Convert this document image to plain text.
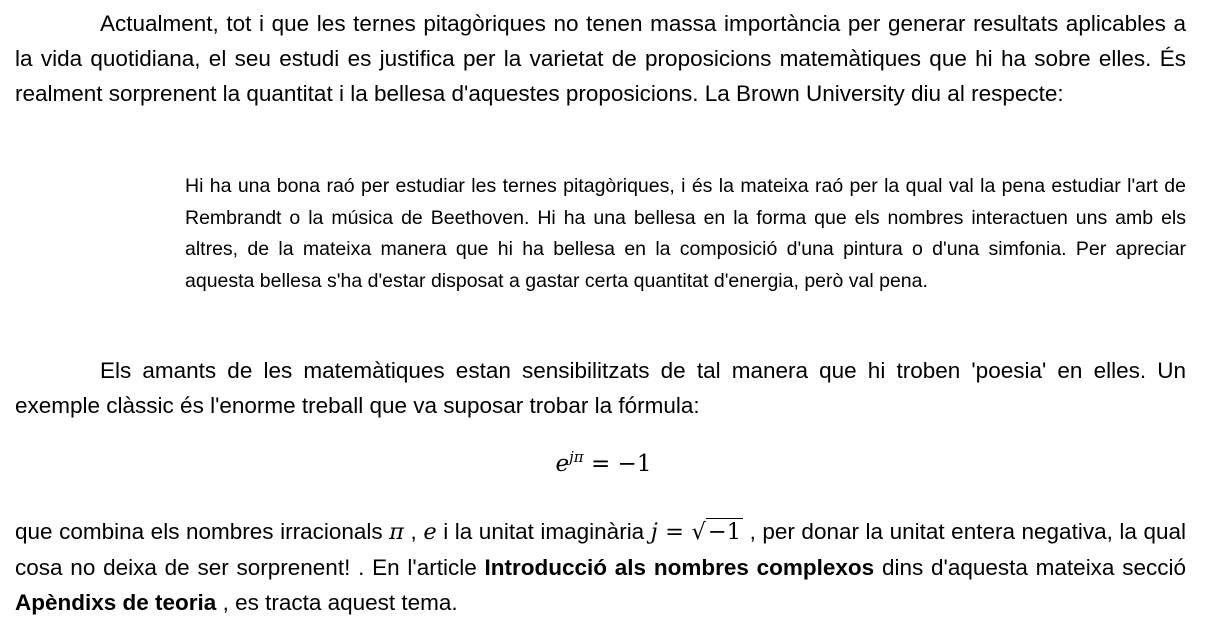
Actualment, tot i que les ternes pitagòriques no tenen massa importància per generar resultats aplicables a la vida quotidiana, el seu estudi es justifica per la varietat de proposicions matemàtiques que hi ha sobre elles. És realment sorprenent la quantitat i la bellesa d'aquestes proposicions. La Brown University diu al respecte:

Hi ha una bona raó per estudiar les ternes pitagòriques, i és la mateixa raó per la qual val la pena estudiar l'art de Rembrandt o la música de Beethoven. Hi ha una bellesa en la forma que els nombres interactuen uns amb els altres, de la mateixa manera que hi ha bellesa en la composició d'una pintura o d'una simfonia. Per apreciar aquesta bellesa s'ha d'estar disposat a gastar certa quantitat d'energia, però val pena.

Els amants de les matemàtiques estan sensibilitzats de tal manera que hi troben 'poesia' en elles. Un exemple clàssic és l'enorme treball que va suposar trobar la fórmula:

$e^{j\pi} = -1$

que combina els nombres irracionals π , e i la unitat imaginària j = √−1 , per donar la unitat entera negativa, la qual cosa no deixa de ser sorprenent! . En l'article Introducció als nombres complexos dins d'aquesta mateixa secció Apèndixs de teoria , es tracta aquest tema.
